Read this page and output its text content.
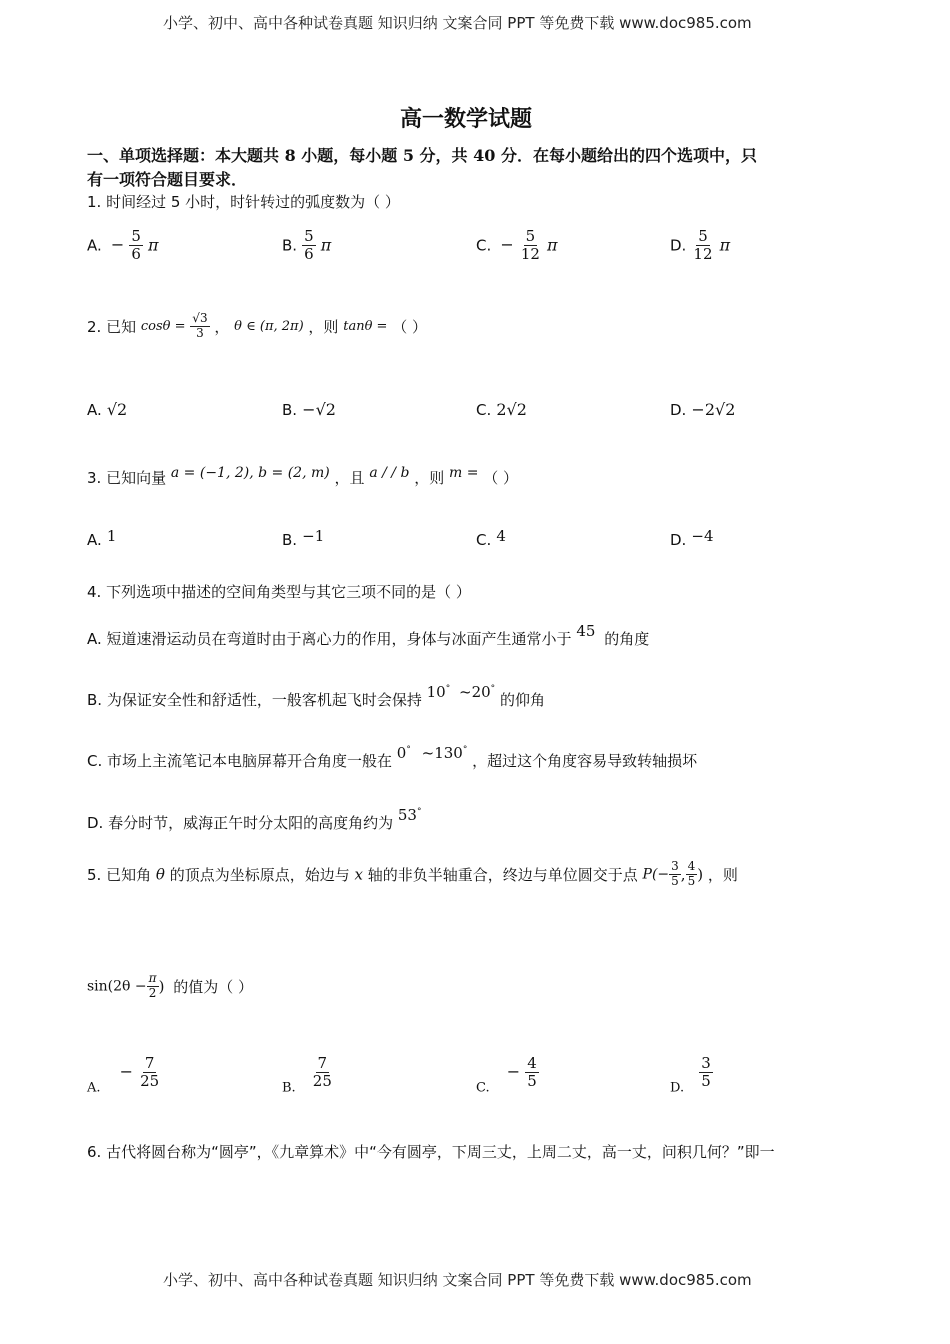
小学、初中、高中各种试卷真题 知识归纳 文案合同 PPT 等免费下载 www.doc985.com
高一数学试题
一、单项选择题：本大题共 8 小题，每小题 5 分，共 40 分．在每小题给出的四个选项中，只
有一项符合题目要求．
1. 时间经过 5 小时，时针转过的弧度数为（ ）
A. − $\frac{5}{6}$ π	B. $\frac{5}{6}$ π	C. − $\frac{5}{12}$ π	D. $\frac{5}{12}$ π
2. 已知 $\cos\theta = \frac{√3}{3}$ ， θ ∈ (π, 2π) ，则 tanθ = （ ）
A. √2	B. −√2	C. 2√2	D. −2√2
3. 已知向量 a = (−1, 2), b = (2, m) ，且 a / / b ，则 m = （ ）
A. 1	B. −1	C. 4	D. −4
4. 下列选项中描述的空间角类型与其它三项不同的是（ ）
A. 短道速滑运动员在弯道时由于离心力的作用，身体与冰面产生通常小于 45 的角度
B. 为保证安全性和舒适性，一般客机起飞时会保持 10° ~20° 的仰角
C. 市场上主流笔记本电脑屏幕开合角度一般在 0° ~130° ，超过这个角度容易导致转轴损坏
D. 春分时节，威海正午时分太阳的高度角约为 53°
5. 已知角 θ 的顶点为坐标原点，始边与 x 轴的非负半轴重合，终边与单位圆交于点 $P(- \frac{3}{5}$ , $\frac{4}{5}$ ) ，则
$\sin(2\theta - \frac{\pi}{2}$ ) 的值为（ ）
$_{A.} - \frac{7}{25}$	$_{B.} \frac{7}{25}$	$_{C.} - \frac{4}{5}$	$_{D.} \frac{3}{5}$
6. 古代将圆台称为“圆亭”，《九章算术》中“今有圆亭，下周三丈，上周二丈，高一丈，问积几何？”即一
小学、初中、高中各种试卷真题 知识归纳 文案合同 PPT 等免费下载 www.doc985.com
